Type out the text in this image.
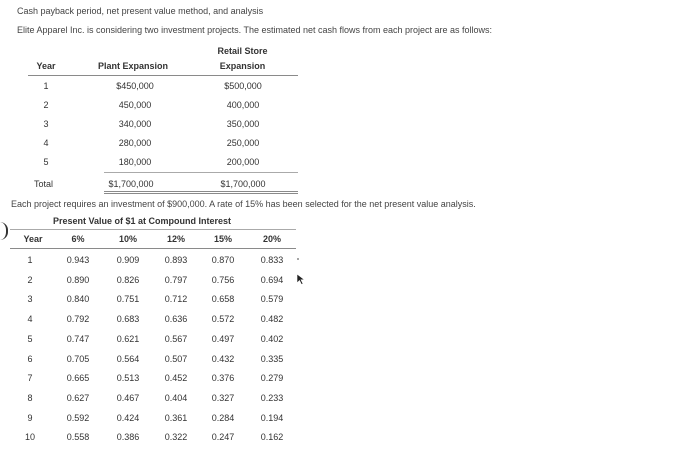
Cash payback period, net present value method, and analysis
Elite Apparel Inc. is considering two investment projects. The estimated net cash flows from each project are as follows:
Year	Plant Expansion
Retail Store
Expansion
1	$450,000	$500,000
2	450,000	400,000
3	340,000	350,000
4	280,000	250,000
5	180,000	200,000
Total	$1,700,000	$1,700,000
Each project requires an investment of $900,000. A rate of 15% has been selected for the net present value analysis.
Present Value of $1 at Compound Interest
Year	6%	10%	12%	15%	20%
1	0.943	0.909	0.893	0.870	0.833
2	0.890	0.826	0.797	0.756	0.694
3	0.840	0.751	0.712	0.658	0.579
4	0.792	0.683	0.636	0.572	0.482
5	0.747	0.621	0.567	0.497	0.402
6	0.705	0.564	0.507	0.432	0.335
7	0.665	0.513	0.452	0.376	0.279
8	0.627	0.467	0.404	0.327	0.233
9	0.592	0.424	0.361	0.284	0.194
10	0.558	0.386	0.322	0.247	0.162
